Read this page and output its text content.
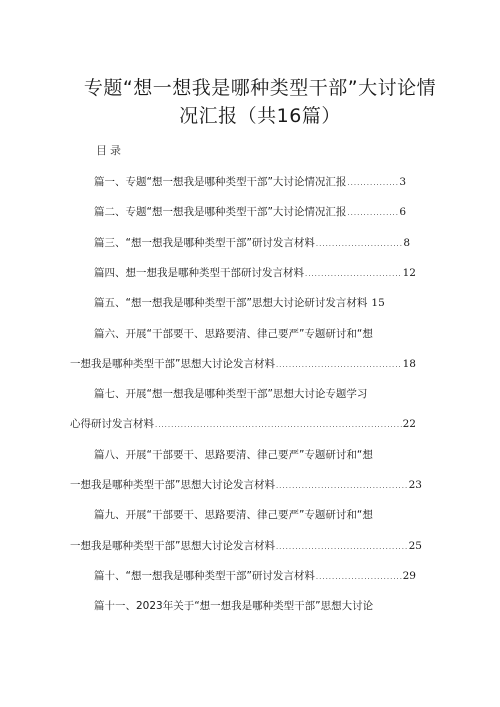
专题“想一想我是哪种类型干部”大讨论情
况汇报（共16篇）
目录
篇一、专题“想一想我是哪种类型干部”大讨论情况汇报 .....	3
篇二、专题“想一想我是哪种类型干部”大讨论情况汇报 .....	6
篇三、“想一想我是哪种类型干部”研讨发言材料 .....	8
篇四、想一想我是哪种类型干部研讨发言材料 .....	12
篇五、“想一想我是哪种类型干部”思想大讨论研讨发言材料 15
篇六、开展“干部要干、思路要清、律己要严”专题研讨和“想
一想我是哪种类型干部”思想大讨论发言材料 .....	18
篇七、开展“想一想我是哪种类型干部”思想大讨论专题学习
心得研讨发言材料 .....	22
篇八、开展“干部要干、思路要清、律己要严”专题研讨和“想
一想我是哪种类型干部”思想大讨论发言材料 .....	23
篇九、开展“干部要干、思路要清、律己要严”专题研讨和“想
一想我是哪种类型干部”思想大讨论发言材料 .....	25
篇十、“想一想我是哪种类型干部”研讨发言材料 .....	29
篇十一、2023年关于“想一想我是哪种类型干部”思想大讨论
